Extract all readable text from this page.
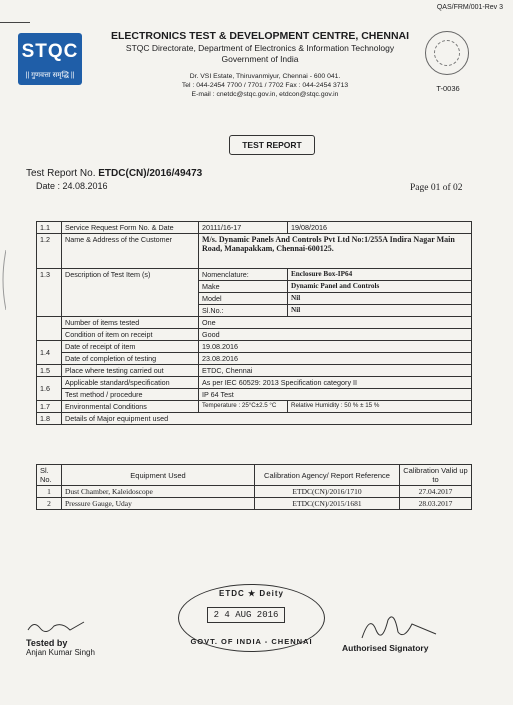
QAS/FRM/001-Rev 3
STQC
|| गुणवत्ता समृद्धि ||
ELECTRONICS TEST & DEVELOPMENT CENTRE, CHENNAI
STQC Directorate, Department of Electronics & Information Technology
Government of India
Dr. VSI Estate, Thiruvanmiyur, Chennai - 600 041.
Tel : 044-2454 7700 / 7701 / 7702 Fax : 044-2454 3713
E-mail : cnetdc@stqc.gov.in, etdcon@stqc.gov.in
T-0036
TEST REPORT
Test Report No. ETDC(CN)/2016/49473
Date : 24.08.2016	Page 01 of 02
1.1	Service Request Form No. & Date	20111/16-17	19/08/2016
1.2	Name & Address of the Customer	M/s. Dynamic Panels And Controls Pvt Ltd No:1/255A Indira Nagar Main Road, Manapakkam, Chennai-600125.	
1.3	Description of Test Item (s)	Nomenclature:	Enclosure Box-IP64
		Make	Dynamic Panel and Controls
		Model	Nil
		Sl.No.:	Nil
	Number of items tested	One	
	Condition of item on receipt	Good	
1.4	Date of receipt of item	19.08.2016	
	Date of completion of testing	23.08.2016	
1.5	Place where testing carried out	ETDC, Chennai	
1.6	Applicable standard/specification	As per IEC 60529: 2013 Specification category II	
	Test method / procedure	IP 64 Test	
1.7	Environmental Conditions	Temperature : 25°C±2.5 °C	Relative Humidity : 50 % ± 15 %
1.8	Details of Major equipment used		
Sl. No.	Equipment Used	Calibration Agency/ Report Reference	Calibration Valid up to
1	Dust Chamber, Kaleidoscope	ETDC(CN)/2016/1710	27.04.2017
2	Pressure Gauge, Uday	ETDC(CN)/2015/1681	28.03.2017
ETDC ★ Deity
2 4 AUG 2016
GOVT. OF INDIA - CHENNAI
Tested by
Anjan Kumar Singh	Authorised Signatory
